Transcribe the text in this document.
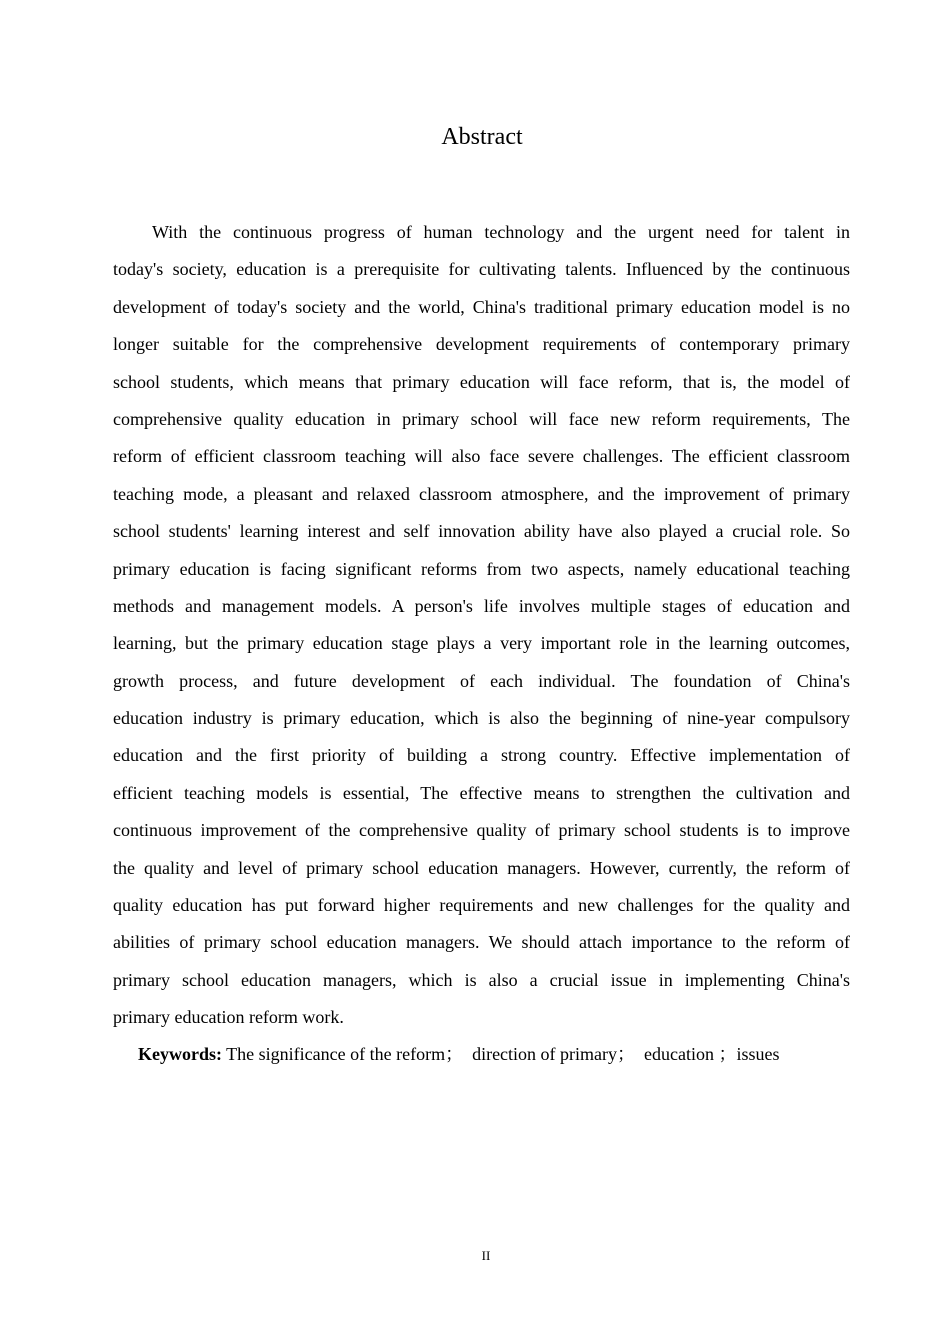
Abstract
With the continuous progress of human technology and the urgent need for talent in
today's society, education is a prerequisite for cultivating talents. Influenced by the continuous
development of today's society and the world, China's traditional primary education model is no
longer suitable for the comprehensive development requirements of contemporary primary
school students, which means that primary education will face reform, that is, the model of
comprehensive quality education in primary school will face new reform requirements, The
reform of efficient classroom teaching will also face severe challenges. The efficient classroom
teaching mode, a pleasant and relaxed classroom atmosphere, and the improvement of primary
school students' learning interest and self innovation ability have also played a crucial role. So
primary education is facing significant reforms from two aspects, namely educational teaching
methods and management models. A person's life involves multiple stages of education and
learning, but the primary education stage plays a very important role in the learning outcomes,
growth process, and future development of each individual. The foundation of China's
education industry is primary education, which is also the beginning of nine-year compulsory
education and the first priority of building a strong country. Effective implementation of
efficient teaching models is essential, The effective means to strengthen the cultivation and
continuous improvement of the comprehensive quality of primary school students is to improve
the quality and level of primary school education managers. However, currently, the reform of
quality education has put forward higher requirements and new challenges for the quality and
abilities of primary school education managers. We should attach importance to the reform of
primary school education managers, which is also a crucial issue in implementing China's
primary education reform work.
Keywords: The significance of the reform；  direction of primary；  education ；issues
II
